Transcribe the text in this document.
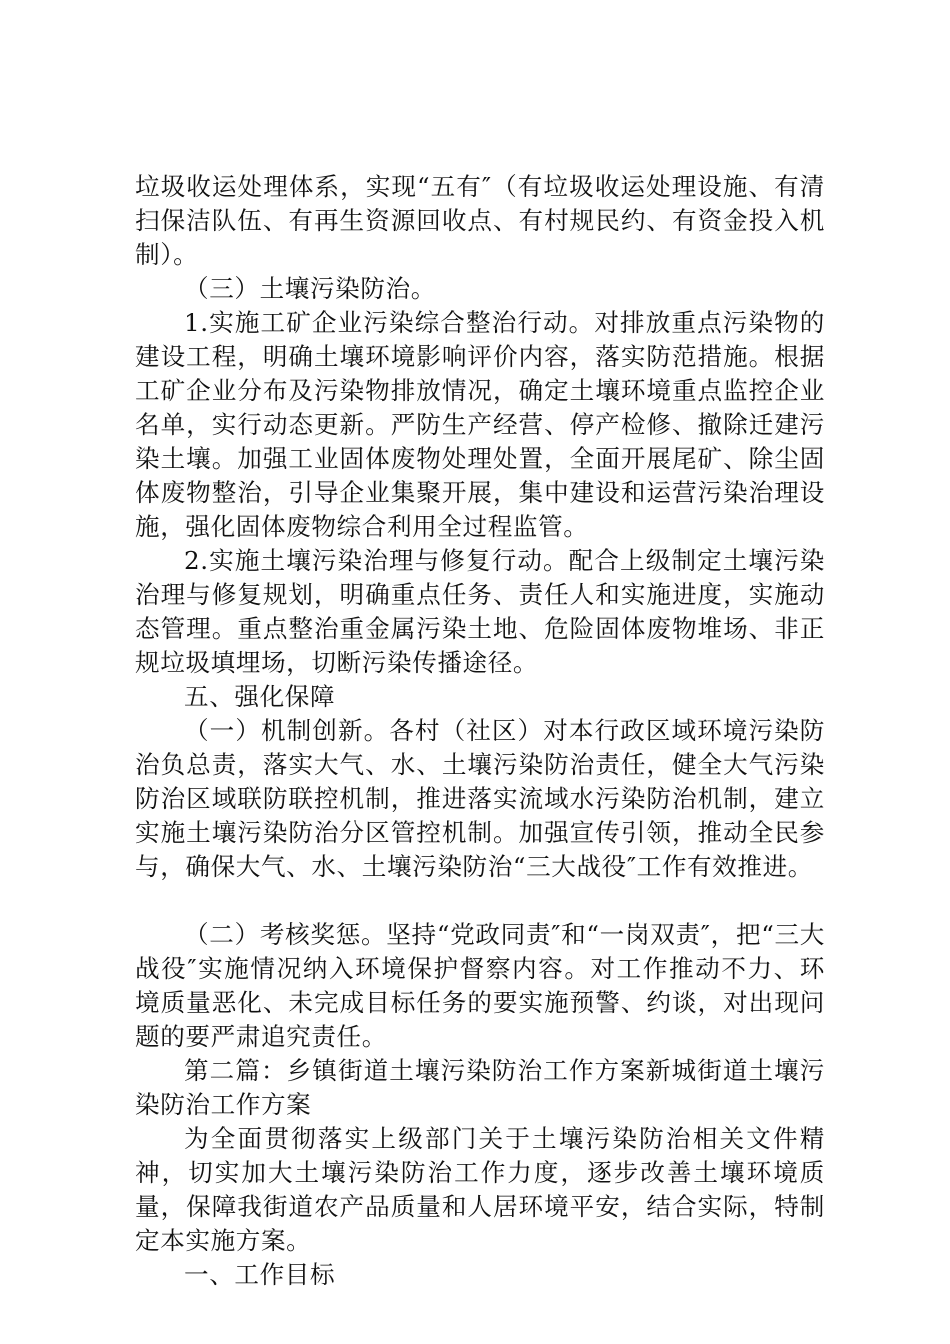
垃圾收运处理体系，实现“五有″（有垃圾收运处理设施、有清扫保洁队伍、有再生资源回收点、有村规民约、有资金投入机制）。

（三）土壤污染防治。

1.实施工矿企业污染综合整治行动。对排放重点污染物的建设工程，明确土壤环境影响评价内容，落实防范措施。根据工矿企业分布及污染物排放情况，确定土壤环境重点监控企业名单，实行动态更新。严防生产经营、停产检修、撤除迁建污染土壤。加强工业固体废物处理处置，全面开展尾矿、除尘固体废物整治，引导企业集聚开展，集中建设和运营污染治理设施，强化固体废物综合利用全过程监管。

2.实施土壤污染治理与修复行动。配合上级制定土壤污染治理与修复规划，明确重点任务、责任人和实施进度，实施动态管理。重点整治重金属污染土地、危险固体废物堆场、非正规垃圾填埋场，切断污染传播途径。

五、强化保障

（一）机制创新。各村（社区）对本行政区域环境污染防治负总责，落实大气、水、土壤污染防治责任，健全大气污染防治区域联防联控机制，推进落实流域水污染防治机制，建立实施土壤污染防治分区管控机制。加强宣传引领，推动全民参与，确保大气、水、土壤污染防治“三大战役″工作有效推进。

（二）考核奖惩。坚持“党政同责″和“一岗双责″，把“三大战役″实施情况纳入环境保护督察内容。对工作推动不力、环境质量恶化、未完成目标任务的要实施预警、约谈，对出现问题的要严肃追究责任。

第二篇：乡镇街道土壤污染防治工作方案新城街道土壤污染防治工作方案

为全面贯彻落实上级部门关于土壤污染防治相关文件精神，切实加大土壤污染防治工作力度，逐步改善土壤环境质量，保障我街道农产品质量和人居环境平安，结合实际，特制定本实施方案。

一、工作目标
